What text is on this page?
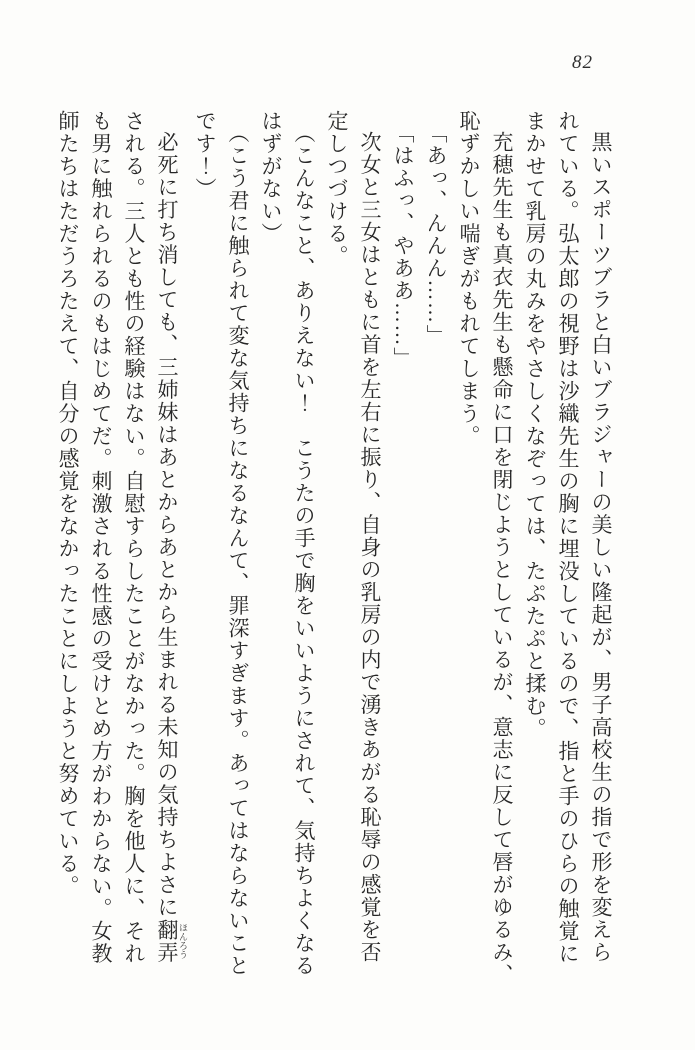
82

黒いスポーツブラと白いブラジャーの美しい隆起が、男子高校生の指で形を変えら

れている。弘太郎の視野は沙織先生の胸に埋没しているので、指と手のひらの触覚に

まかせて乳房の丸みをやさしくなぞっては、たぷたぷと揉む。

充穂先生も真衣先生も懸命に口を閉じようとしているが、意志に反して唇がゆるみ、

恥ずかしい喘ぎがもれてしまう。

「あっ、んんん……」

「はふっ、やああ……」

次女と三女はともに首を左右に振り、自身の乳房の内で湧きあがる恥辱の感覚を否

定しつづける。

（こんなこと、ありえない！　こうたの手で胸をいいようにされて、気持ちよくなる

はずがない）

（こう君に触られて変な気持ちになるなんて、罪深すぎます。あってはならないこと

です！）

必死に打ち消しても、三姉妹はあとからあとから生まれる未知の気持ちよさに翻弄 ほんろう

される。三人とも性の経験はない。自慰すらしたことがなかった。胸を他人に、それ

も男に触れられるのもはじめてだ。刺激される性感の受けとめ方がわからない。女教

師たちはただうろたえて、自分の感覚をなかったことにしようと努めている。
